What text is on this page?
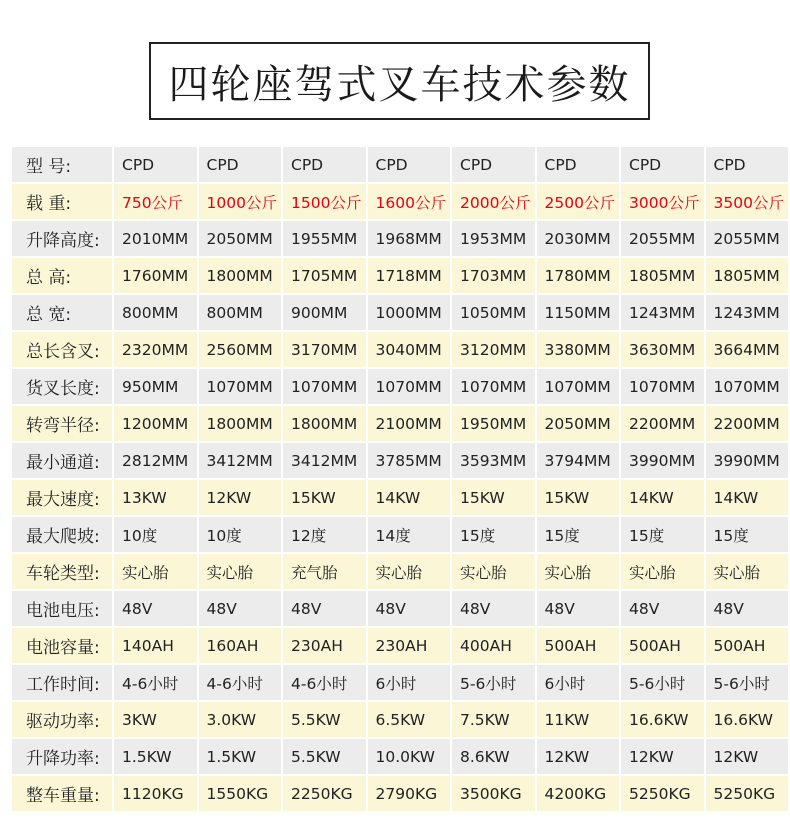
四轮座驾式叉车技术参数
型 号:	CPD	CPD	CPD	CPD	CPD	CPD	CPD	CPD
载 重:	750公斤	1000公斤	1500公斤	1600公斤	2000公斤	2500公斤	3000公斤	3500公斤
升降高度:	2010MM	2050MM	1955MM	1968MM	1953MM	2030MM	2055MM	2055MM
总 高:	1760MM	1800MM	1705MM	1718MM	1703MM	1780MM	1805MM	1805MM
总 宽:	800MM	800MM	900MM	1000MM	1050MM	1150MM	1243MM	1243MM
总长含叉:	2320MM	2560MM	3170MM	3040MM	3120MM	3380MM	3630MM	3664MM
货叉长度:	950MM	1070MM	1070MM	1070MM	1070MM	1070MM	1070MM	1070MM
转弯半径:	1200MM	1800MM	1800MM	2100MM	1950MM	2050MM	2200MM	2200MM
最小通道:	2812MM	3412MM	3412MM	3785MM	3593MM	3794MM	3990MM	3990MM
最大速度:	13KW	12KW	15KW	14KW	15KW	15KW	14KW	14KW
最大爬坡:	10度	10度	12度	14度	15度	15度	15度	15度
车轮类型:	实心胎	实心胎	充气胎	实心胎	实心胎	实心胎	实心胎	实心胎
电池电压:	48V	48V	48V	48V	48V	48V	48V	48V
电池容量:	140AH	160AH	230AH	230AH	400AH	500AH	500AH	500AH
工作时间:	4-6小时	4-6小时	4-6小时	6小时	5-6小时	6小时	5-6小时	5-6小时
驱动功率:	3KW	3.0KW	5.5KW	6.5KW	7.5KW	11KW	16.6KW	16.6KW
升降功率:	1.5KW	1.5KW	5.5KW	10.0KW	8.6KW	12KW	12KW	12KW
整车重量:	1120KG	1550KG	2250KG	2790KG	3500KG	4200KG	5250KG	5250KG
